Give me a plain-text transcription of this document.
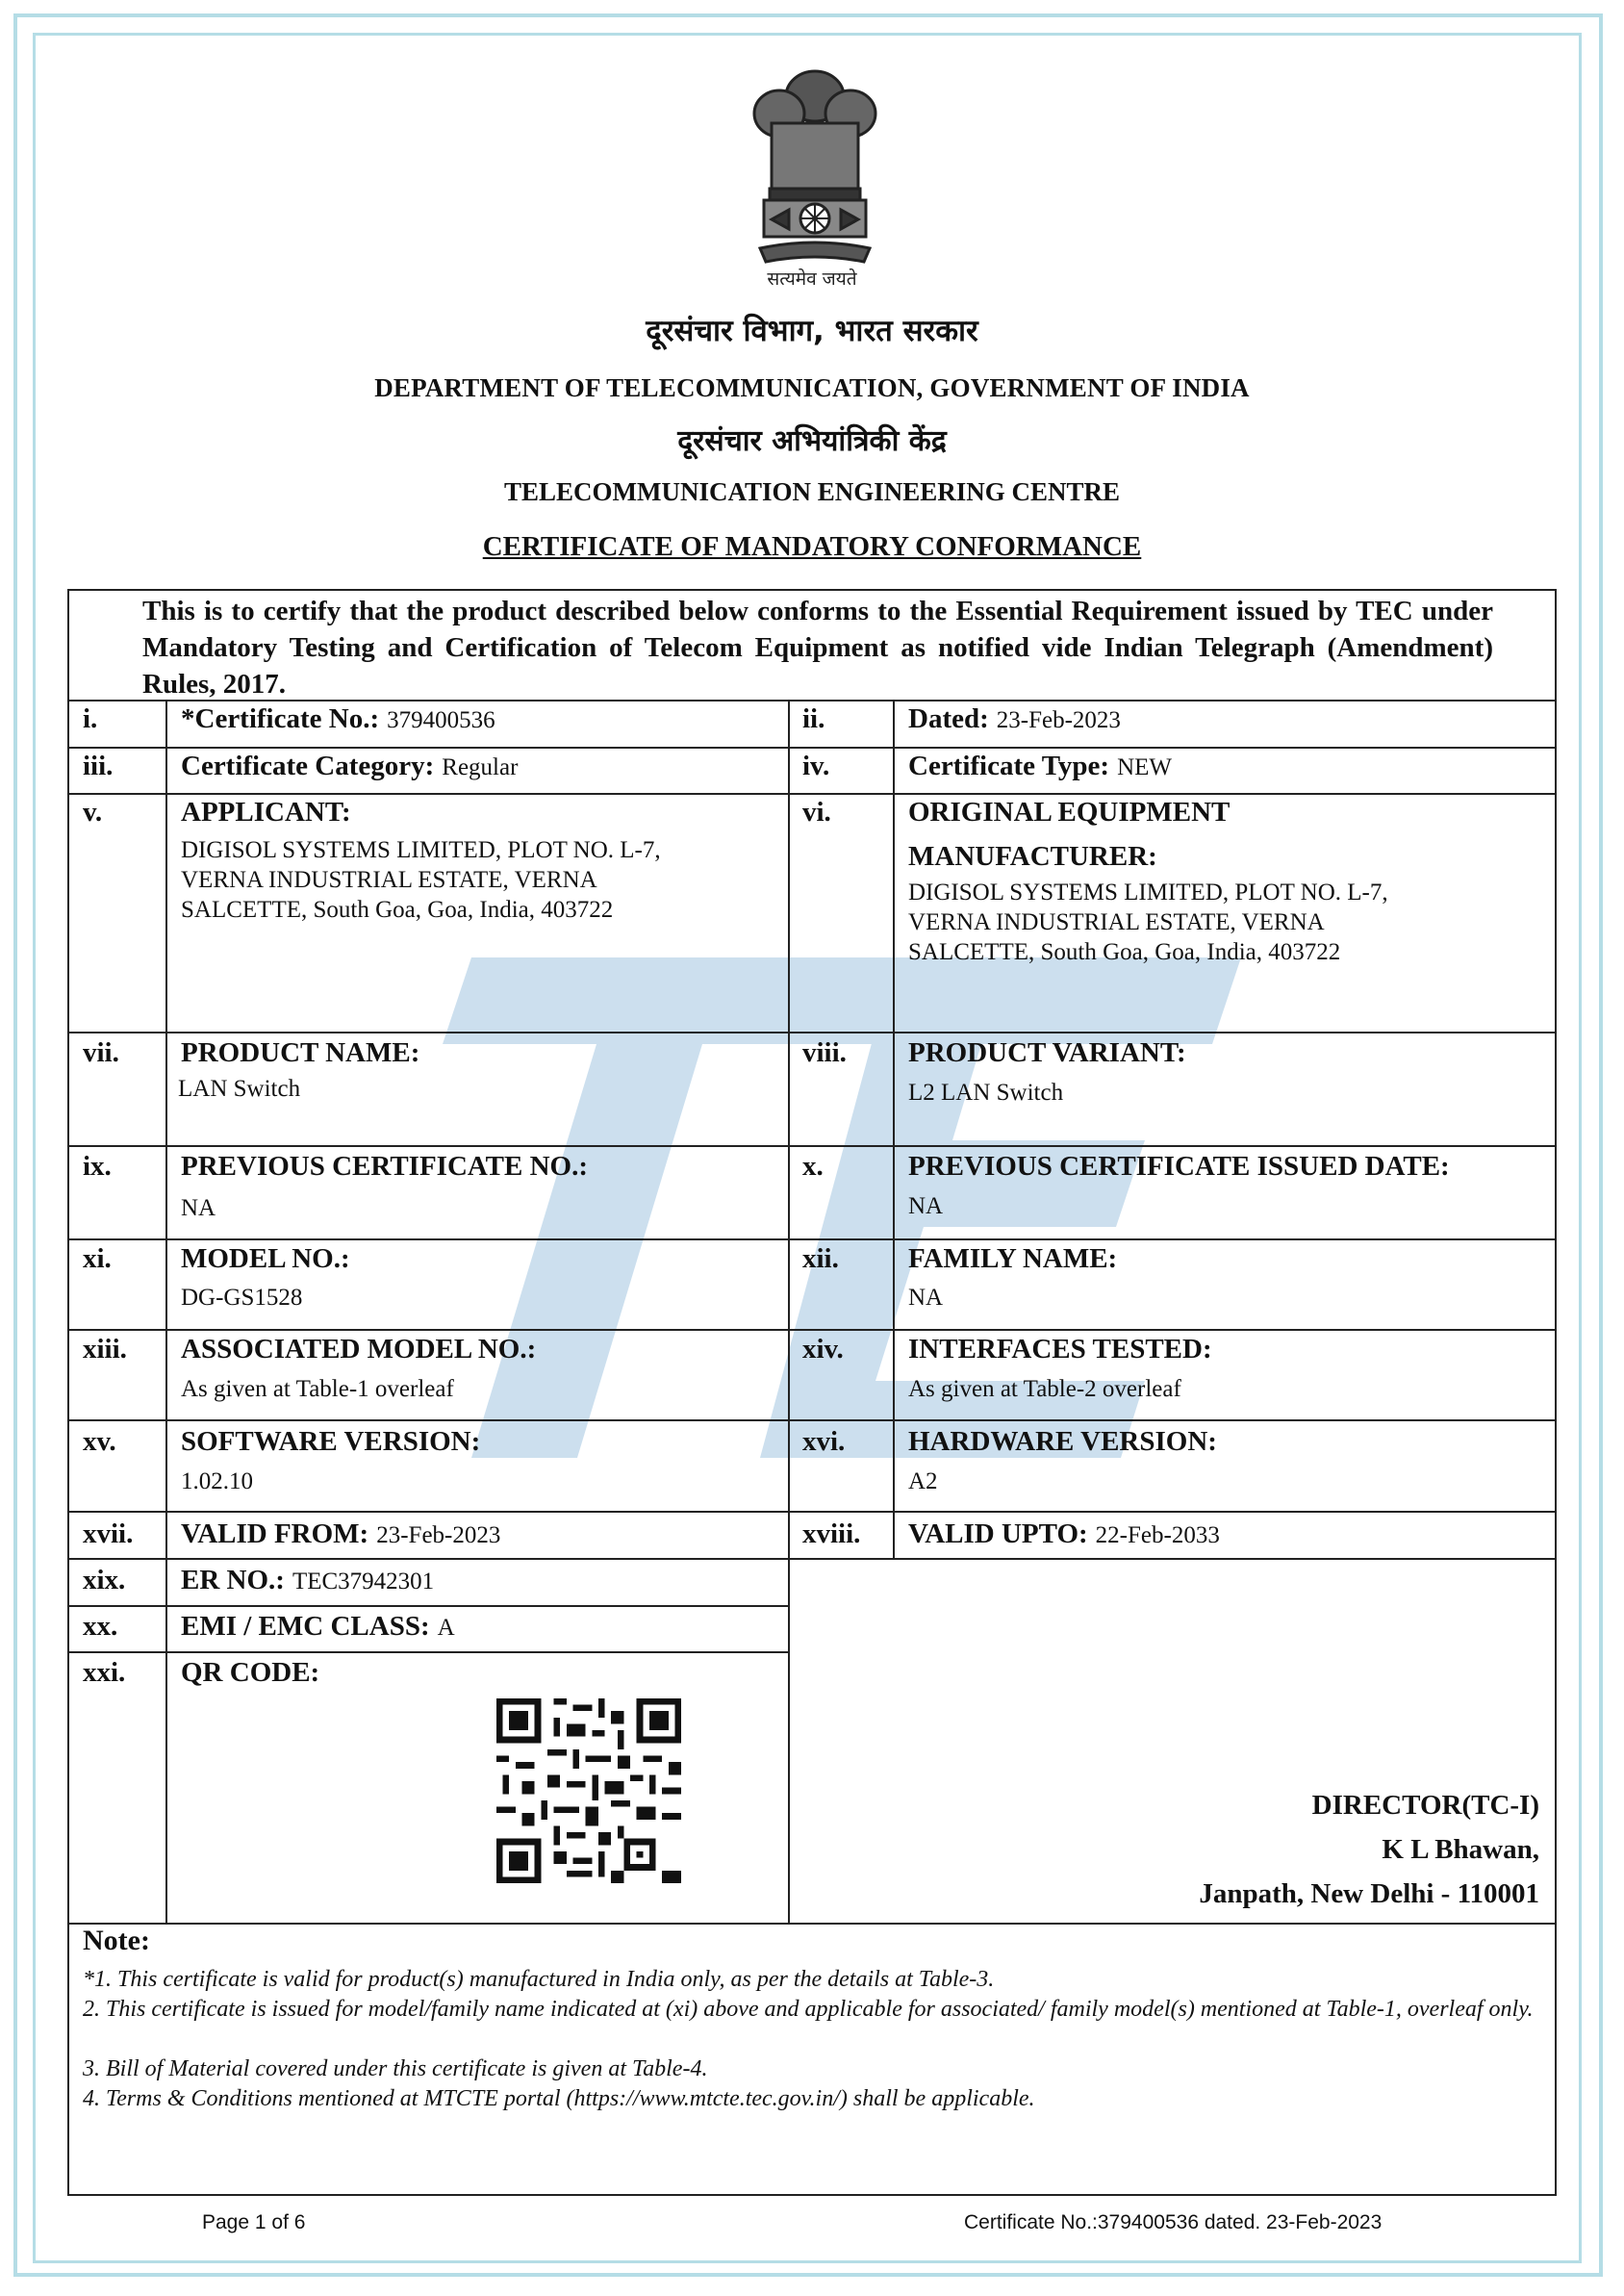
सत्यमेव जयते
दूरसंचार विभाग, भारत सरकार
DEPARTMENT OF TELECOMMUNICATION, GOVERNMENT OF INDIA
दूरसंचार अभियांत्रिकी केंद्र
TELECOMMUNICATION ENGINEERING CENTRE
CERTIFICATE OF MANDATORY CONFORMANCE
This is to certify that the product described below conforms to the Essential Requirement issued by TEC under Mandatory Testing and Certification of Telecom Equipment as notified vide Indian Telegraph (Amendment) Rules, 2017.
i.	*Certificate No.: 379400536	ii.	Dated: 23-Feb-2023
iii. Certificate Category: Regular	iv.	Certificate Type: NEW
v.	APPLICANT:
DIGISOL SYSTEMS LIMITED, PLOT NO. L-7,
VERNA INDUSTRIAL ESTATE, VERNA
SALCETTE, South Goa, Goa, India, 403722
vi.	ORIGINAL EQUIPMENT
MANUFACTURER:
DIGISOL SYSTEMS LIMITED, PLOT NO. L-7,
VERNA INDUSTRIAL ESTATE, VERNA
SALCETTE, South Goa, Goa, India, 403722
vii. PRODUCT NAME:
LAN Switch
viii. PRODUCT VARIANT:
L2 LAN Switch
ix. PREVIOUS CERTIFICATE NO.:
NA
x.	PREVIOUS CERTIFICATE ISSUED DATE:
NA
xi. MODEL NO.:
DG-GS1528
xii. FAMILY NAME:
NA
xiii. ASSOCIATED MODEL NO.:
As given at Table-1 overleaf
xiv. INTERFACES TESTED:
As given at Table-2 overleaf
xv. SOFTWARE VERSION:
1.02.10
xvi. HARDWARE VERSION:
A2
xvii. VALID FROM: 23-Feb-2023	xviii. VALID UPTO: 22-Feb-2033
xix. ER NO.: TEC37942301
xx. EMI / EMC CLASS: A
xxi. QR CODE:
DIRECTOR(TC-I)
K L Bhawan,
Janpath, New Delhi - 110001
Note:
*1. This certificate is valid for product(s) manufactured in India only, as per the details at Table-3.
2. This certificate is issued for model/family name indicated at (xi) above and applicable for associated/ family model(s) mentioned at Table-1, overleaf only.
3. Bill of Material covered under this certificate is given at Table-4.
4. Terms & Conditions mentioned at MTCTE portal (https://www.mtcte.tec.gov.in/) shall be applicable.
Page 1 of 6	Certificate No.:379400536 dated. 23-Feb-2023
